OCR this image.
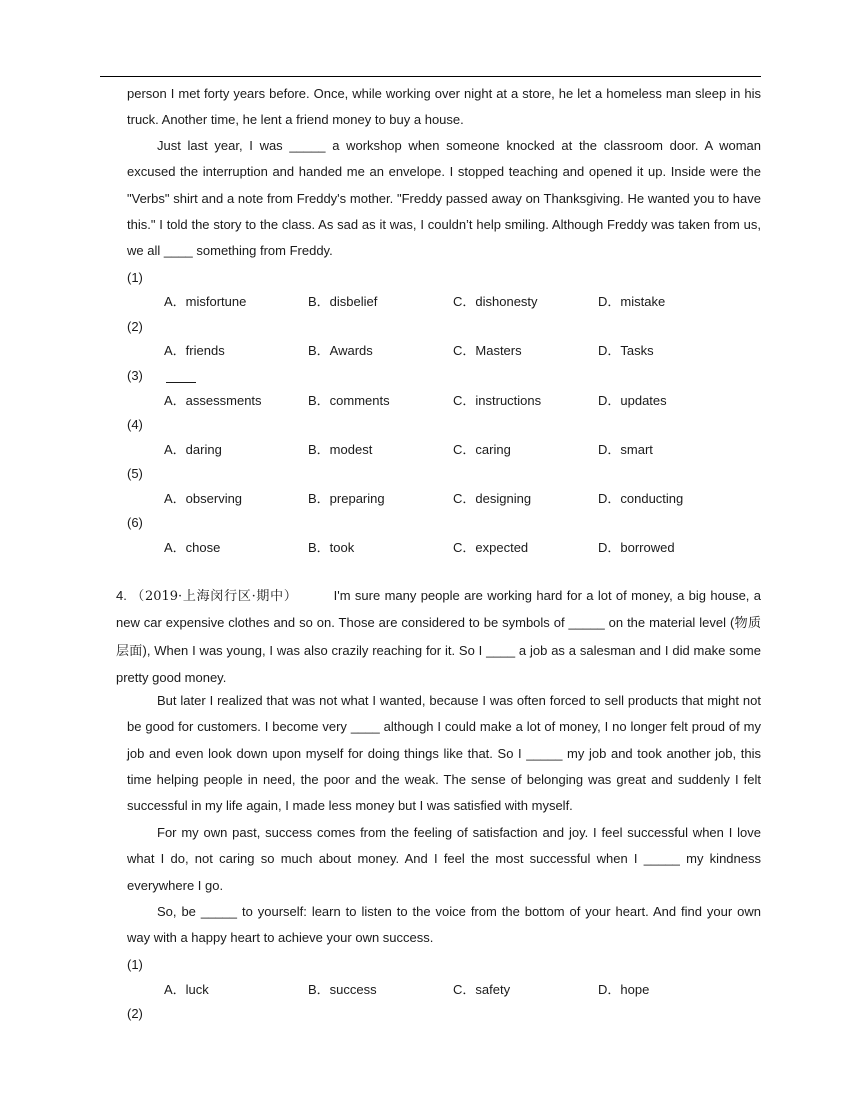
person I met forty years before. Once, while working over night at a store, he let a homeless man sleep in his truck. Another time, he lent a friend money to buy a house.

Just last year, I was _____ a workshop when someone knocked at the classroom door. A woman excused the interruption and handed me an envelope. I stopped teaching and opened it up. Inside were the "Verbs" shirt and a note from Freddy's mother. "Freddy passed away on Thanksgiving. He wanted you to have this." I told the story to the class. As sad as it was, I couldn’t help smiling. Although Freddy was taken from us, we all ____ something from Freddy.

(1)
A．misfortune	B．disbelief	C．dishonesty	D．mistake
(2)
A．friends	B．Awards	C．Masters	D．Tasks
(3)
A．assessments	B．comments	C．instructions	D．updates
(4)
A．daring	B．modest	C．caring	D．smart
(5)
A．observing	B．preparing	C．designing	D．conducting
(6)
A．chose	B．took	C．expected	D．borrowed

4. （2019·上海闵行区·期中）	I'm sure many people are working hard for a lot of money, a big house, a new car expensive clothes and so on. Those are considered to be symbols of _____ on the material level (物质层面), When I was young, I was also crazily reaching for it. So I ____ a job as a salesman and I did make some pretty good money.

But later I realized that was not what I wanted, because I was often forced to sell products that might not be good for customers. I become very ____ although I could make a lot of money, I no longer felt proud of my job and even look down upon myself for doing things like that. So I _____ my job and took another job, this time helping people in need, the poor and the weak. The sense of belonging was great and suddenly I felt successful in my life again, I made less money but I was satisfied with myself.

For my own past, success comes from the feeling of satisfaction and joy. I feel successful when I love what I do, not caring so much about money. And I feel the most successful when I _____ my kindness everywhere I go.

So, be _____ to yourself: learn to listen to the voice from the bottom of your heart. And find your own way with a happy heart to achieve your own success.

(1)
A．luck	B．success	C．safety	D．hope
(2)
